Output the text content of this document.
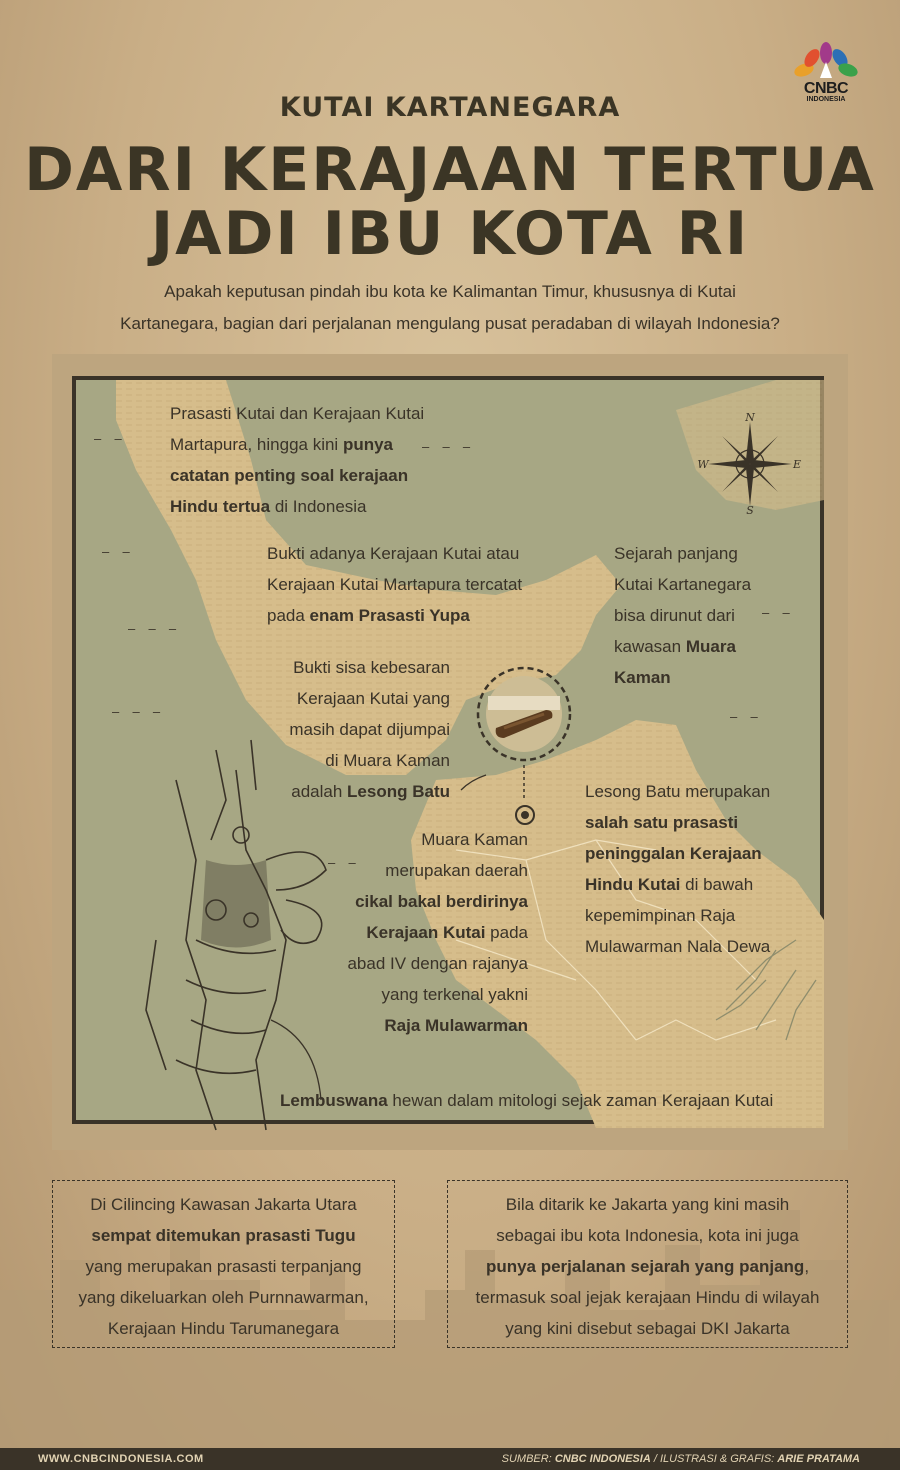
CNBC
INDONESIA
KUTAI KARTANEGARA
DARI KERAJAAN TERTUA
JADI IBU KOTA RI
Apakah keputusan pindah ibu kota ke Kalimantan Timur, khususnya di Kutai
Kartanegara, bagian dari perjalanan mengulang pusat peradaban di wilayah Indonesia?
N
S
W	E
Prasasti Kutai dan Kerajaan Kutai
Martapura, hingga kini punya
catatan penting soal kerajaan
Hindu tertua di Indonesia
Bukti adanya Kerajaan Kutai atau
Kerajaan Kutai Martapura tercatat
pada enam Prasasti Yupa
Sejarah panjang
Kutai Kartanegara
bisa dirunut dari
kawasan Muara
Kaman
Bukti sisa kebesaran
Kerajaan Kutai yang
masih dapat dijumpai
di Muara Kaman
adalah Lesong Batu	Lesong Batu merupakan
salah satu prasasti
peninggalan Kerajaan
Hindu Kutai di bawah
kepemimpinan Raja
Mulawarman Nala Dewa
Muara Kaman
merupakan daerah
cikal bakal berdirinya
Kerajaan Kutai pada
abad IV dengan rajanya
yang terkenal yakni
Raja Mulawarman
Lembuswana hewan dalam mitologi sejak zaman Kerajaan Kutai
— —
— — —
— —
— — —
— — —	— —
— —
— —
Di Cilincing Kawasan Jakarta Utara
sempat ditemukan prasasti Tugu
yang merupakan prasasti terpanjang
yang dikeluarkan oleh Purnnawarman,
Kerajaan Hindu Tarumanegara
Bila ditarik ke Jakarta yang kini masih
sebagai ibu kota Indonesia, kota ini juga
punya perjalanan sejarah yang panjang,
termasuk soal jejak kerajaan Hindu di wilayah
yang kini disebut sebagai DKI Jakarta
WWW.CNBCINDONESIA.COM	SUMBER: CNBC INDONESIA / ILUSTRASI & GRAFIS: ARIE PRATAMA
